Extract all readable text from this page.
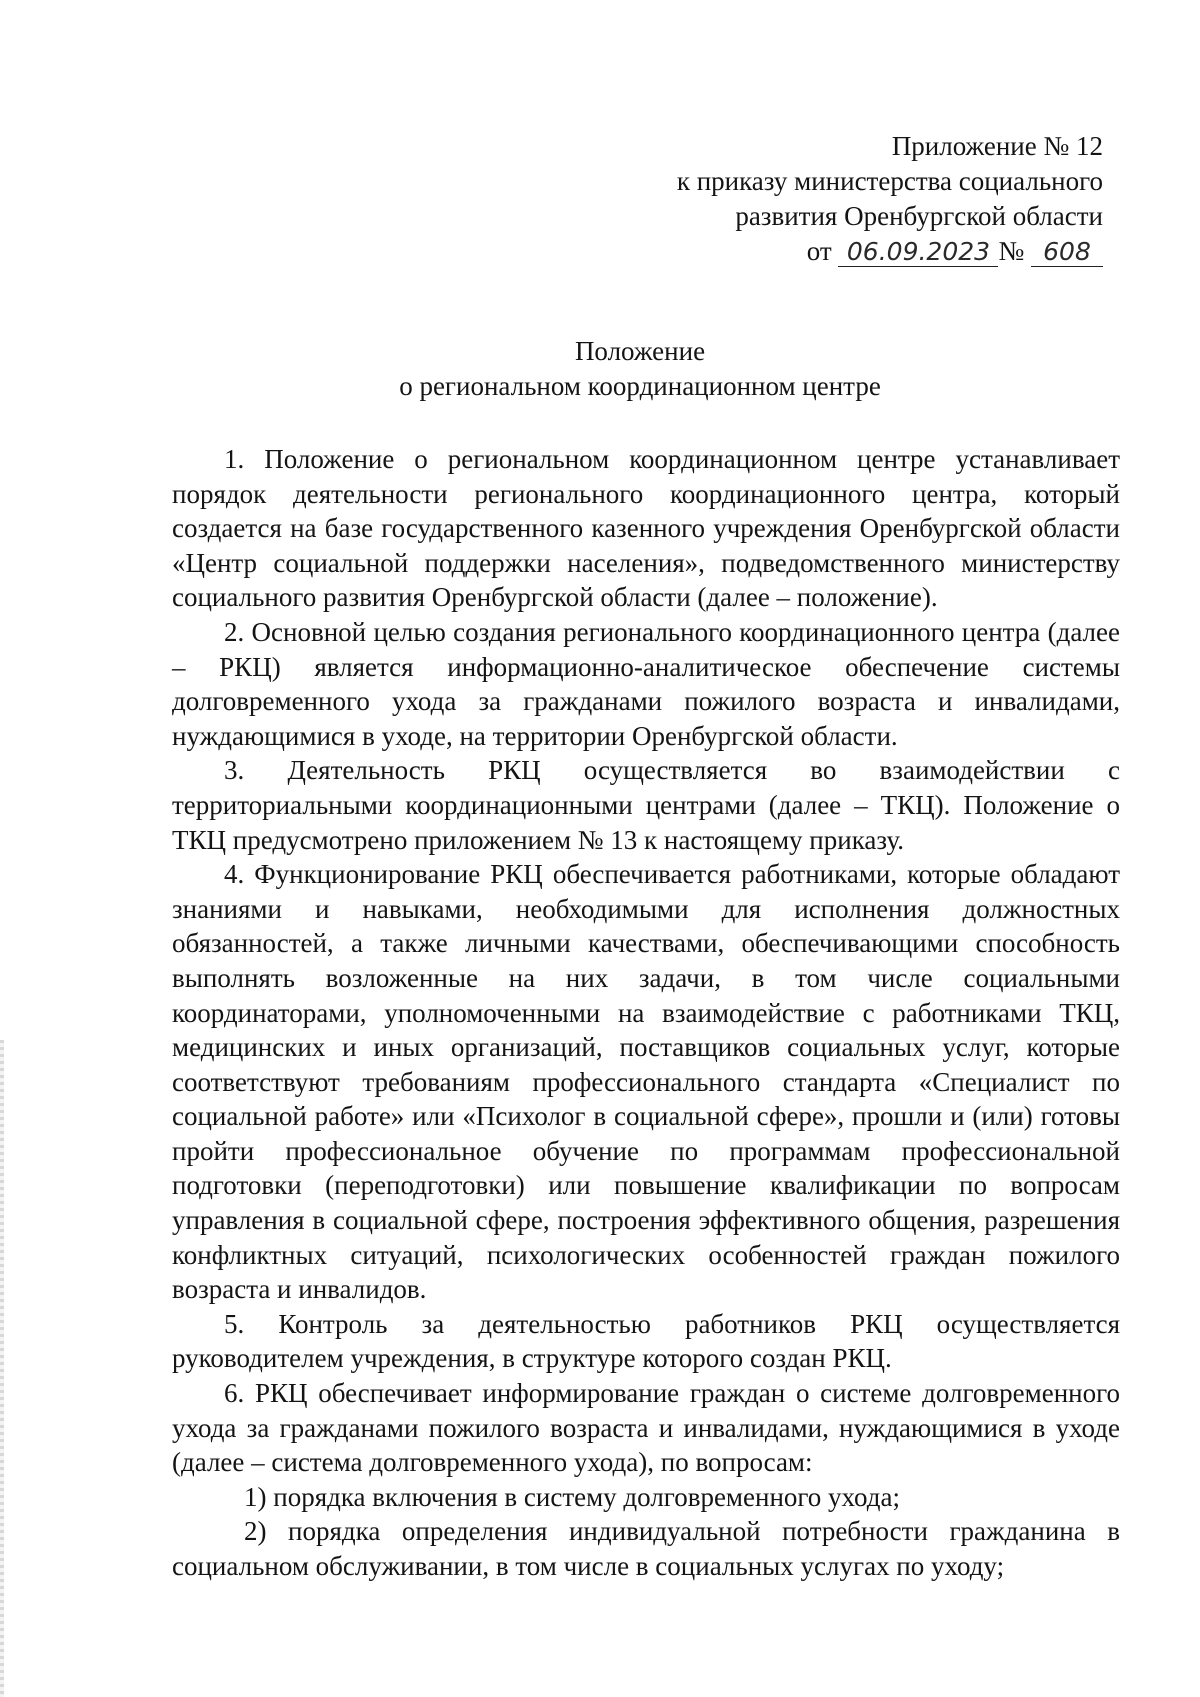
Приложение № 12
к приказу министерства социального
развития Оренбургской области
от 06.09.2023 № 608
Положение
о региональном координационном центре

1. Положение о региональном координационном центре устанавливает порядок деятельности регионального координационного центра, который создается на базе государственного казенного учреждения Оренбургской области «Центр социальной поддержки населения», подведомственного министерству социального развития Оренбургской области (далее – положение).

2. Основной целью создания регионального координационного центра (далее – РКЦ) является информационно-аналитическое обеспечение системы долговременного ухода за гражданами пожилого возраста и инвалидами, нуждающимися в уходе, на территории Оренбургской области.

3. Деятельность РКЦ осуществляется во взаимодействии с территориальными координационными центрами (далее – ТКЦ). Положение о ТКЦ предусмотрено приложением № 13 к настоящему приказу.

4. Функционирование РКЦ обеспечивается работниками, которые обладают знаниями и навыками, необходимыми для исполнения должностных обязанностей, а также личными качествами, обеспечивающими способность выполнять возложенные на них задачи, в том числе социальными координаторами, уполномоченными на взаимодействие с работниками ТКЦ, медицинских и иных организаций, поставщиков социальных услуг, которые соответствуют требованиям профессионального стандарта «Специалист по социальной работе» или «Психолог в социальной сфере», прошли и (или) готовы пройти профессиональное обучение по программам профессиональной подготовки (переподготовки) или повышение квалификации по вопросам управления в социальной сфере, построения эффективного общения, разрешения конфликтных ситуаций, психологических особенностей граждан пожилого возраста и инвалидов.

5. Контроль за деятельностью работников РКЦ осуществляется руководителем учреждения, в структуре которого создан РКЦ.

6. РКЦ обеспечивает информирование граждан о системе долговременного ухода за гражданами пожилого возраста и инвалидами, нуждающимися в уходе (далее – система долговременного ухода), по вопросам:

1) порядка включения в систему долговременного ухода;

2) порядка определения индивидуальной потребности гражданина в социальном обслуживании, в том числе в социальных услугах по уходу;
